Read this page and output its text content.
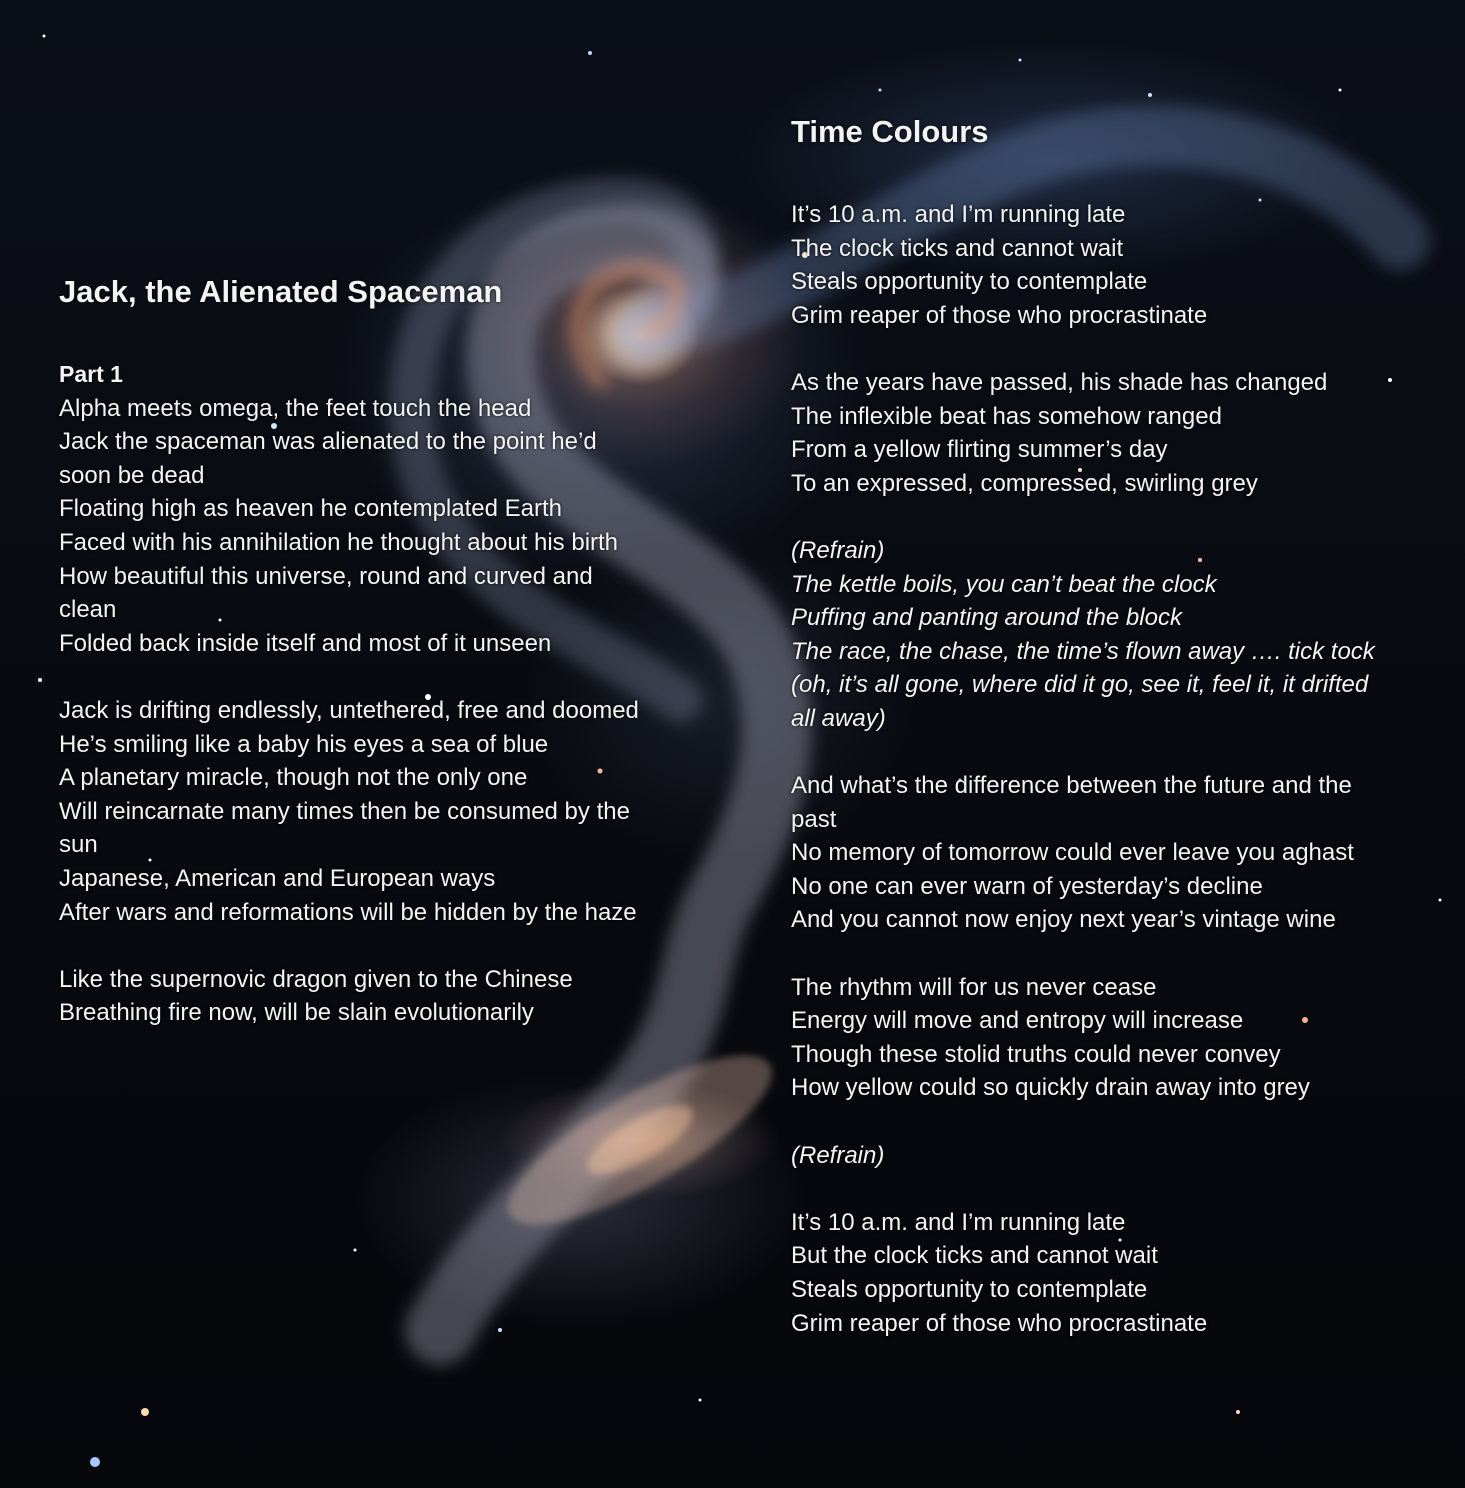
Jack, the Alienated Spaceman
Part 1
Alpha meets omega, the feet touch the head
Jack the spaceman was alienated to the point he’d soon be dead
Floating high as heaven he contemplated Earth
Faced with his annihilation he thought about his birth
How beautiful this universe, round and curved and clean
Folded back inside itself and most of it unseen
Jack is drifting endlessly, untethered, free and doomed
He’s smiling like a baby his eyes a sea of blue
A planetary miracle, though not the only one
Will reincarnate many times then be consumed by the sun
Japanese, American and European ways
After wars and reformations will be hidden by the haze
Like the supernovic dragon given to the Chinese
Breathing fire now, will be slain evolutionarily
Time Colours
It’s 10 a.m. and I’m running late
The clock ticks and cannot wait
Steals opportunity to contemplate
Grim reaper of those who procrastinate
As the years have passed, his shade has changed
The inflexible beat has somehow ranged
From a yellow flirting summer’s day
To an expressed, compressed, swirling grey
(Refrain)
The kettle boils, you can’t beat the clock
Puffing and panting around the block
The race, the chase, the time’s flown away …. tick tock
(oh, it’s all gone, where did it go, see it, feel it, it drifted all away)
And what’s the difference between the future and the past
No memory of tomorrow could ever leave you aghast
No one can ever warn of yesterday’s decline
And you cannot now enjoy next year’s vintage wine
The rhythm will for us never cease
Energy will move and entropy will increase
Though these stolid truths could never convey
How yellow could so quickly drain away into grey
(Refrain)
It’s 10 a.m. and I’m running late
But the clock ticks and cannot wait
Steals opportunity to contemplate
Grim reaper of those who procrastinate
